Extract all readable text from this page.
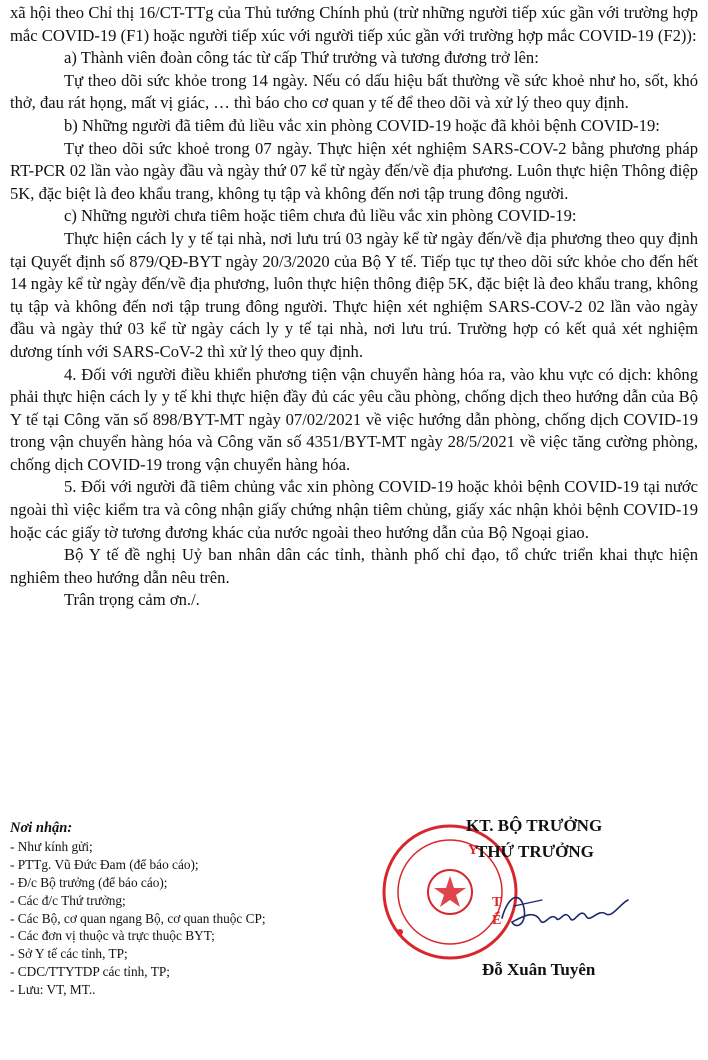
xã hội theo Chỉ thị 16/CT-TTg của Thủ tướng Chính phủ (trừ những người tiếp xúc gần với trường hợp mắc COVID-19 (F1) hoặc người tiếp xúc với người tiếp xúc gần với trường hợp mắc COVID-19 (F2)):

a) Thành viên đoàn công tác từ cấp Thứ trưởng và tương đương trở lên:

Tự theo dõi sức khỏe trong 14 ngày. Nếu có dấu hiệu bất thường về sức khoẻ như ho, sốt, khó thở, đau rát họng, mất vị giác, … thì báo cho cơ quan y tế để theo dõi và xử lý theo quy định.

b) Những người đã tiêm đủ liều vắc xin phòng COVID-19 hoặc đã khỏi bệnh COVID-19:

Tự theo dõi sức khoẻ trong 07 ngày. Thực hiện xét nghiệm SARS-COV-2 bằng phương pháp RT-PCR 02 lần vào ngày đầu và ngày thứ 07 kể từ ngày đến/về địa phương. Luôn thực hiện Thông điệp 5K, đặc biệt là đeo khẩu trang, không tụ tập và không đến nơi tập trung đông người.

c) Những người chưa tiêm hoặc tiêm chưa đủ liều vắc xin phòng COVID-19:

Thực hiện cách ly y tế tại nhà, nơi lưu trú 03 ngày kể từ ngày đến/về địa phương theo quy định tại Quyết định số 879/QĐ-BYT ngày 20/3/2020 của Bộ Y tế. Tiếp tục tự theo dõi sức khỏe cho đến hết 14 ngày kể từ ngày đến/về địa phương, luôn thực hiện thông điệp 5K, đặc biệt là đeo khẩu trang, không tụ tập và không đến nơi tập trung đông người. Thực hiện xét nghiệm SARS-COV-2 02 lần vào ngày đầu và ngày thứ 03 kể từ ngày cách ly y tế tại nhà, nơi lưu trú. Trường hợp có kết quả xét nghiệm dương tính với SARS-CoV-2 thì xử lý theo quy định.

4. Đối với người điều khiển phương tiện vận chuyển hàng hóa ra, vào khu vực có dịch: không phải thực hiện cách ly y tế khi thực hiện đầy đủ các yêu cầu phòng, chống dịch theo hướng dẫn của Bộ Y tế tại Công văn số 898/BYT-MT ngày 07/02/2021 về việc hướng dẫn phòng, chống dịch COVID-19 trong vận chuyển hàng hóa và Công văn số 4351/BYT-MT ngày 28/5/2021 về việc tăng cường phòng, chống dịch COVID-19 trong vận chuyển hàng hóa.

5. Đối với người đã tiêm chủng vắc xin phòng COVID-19 hoặc khỏi bệnh COVID-19 tại nước ngoài thì việc kiểm tra và công nhận giấy chứng nhận tiêm chủng, giấy xác nhận khỏi bệnh COVID-19 hoặc các giấy tờ tương đương khác của nước ngoài theo hướng dẫn của Bộ Ngoại giao.

Bộ Y tế đề nghị Uỷ ban nhân dân các tỉnh, thành phố chỉ đạo, tổ chức triển khai thực hiện nghiêm theo hướng dẫn nêu trên.

Trân trọng cảm ơn./.

Nơi nhận:
- Như kính gửi;
- PTTg. Vũ Đức Đam (để báo cáo);
- Đ/c Bộ trưởng (để báo cáo);
- Các đ/c Thứ trưởng;
- Các Bộ, cơ quan ngang Bộ, cơ quan thuộc CP;
- Các đơn vị thuộc và trực thuộc BYT;
- Sở Y tế các tỉnh, TP;
- CDC/TTYTDP các tỉnh, TP;
- Lưu: VT, MT..
Y
T
Ế
KT. BỘ TRƯỞNG
THỨ TRƯỞNG
Đỗ Xuân Tuyên
